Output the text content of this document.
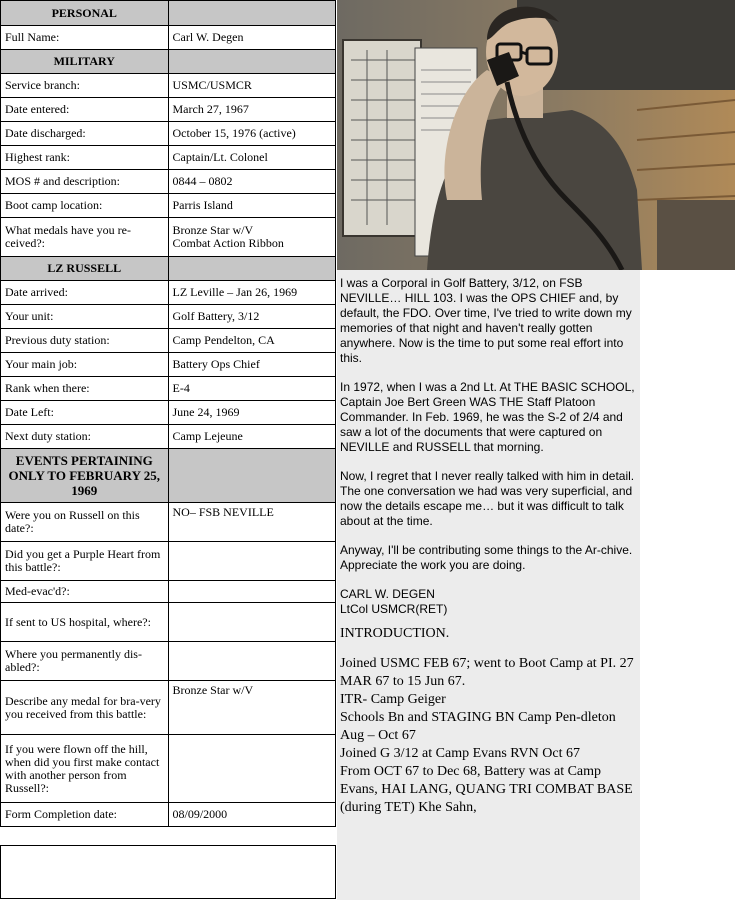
PERSONAL	
Full Name:	Carl W. Degen
MILITARY	
Service branch:	USMC/USMCR
Date entered:	March 27, 1967
Date discharged:	October 15, 1976 (active)
Highest rank:	Captain/Lt. Colonel
MOS # and description:	0844 – 0802
Boot camp location:	Parris Island
What medals have you re-ceived?:	Bronze Star w/V
Combat Action Ribbon
LZ RUSSELL	
Date arrived:	LZ Leville – Jan 26, 1969
Your unit:	Golf Battery, 3/12
Previous duty station:	Camp Pendelton, CA
Your main job:	Battery Ops Chief
Rank when there:	E-4
Date Left:	June 24, 1969
Next duty station:	Camp Lejeune
EVENTS PERTAINING ONLY TO FEBRUARY 25, 1969	
Were you on Russell on this date?:	NO– FSB NEVILLE
Did you get a Purple Heart from this battle?:	
Med-evac'd?:	
If sent to US hospital, where?:	
Where you permanently dis-abled?:	
Describe any medal for bra-very you received from this battle:	Bronze Star w/V
If you were flown off the hill, when did you first make contact with another person from Russell?:	
Form Completion date:	08/09/2000

I was a Corporal in Golf Battery, 3/12, on FSB NEVILLE… HILL 103. I was the OPS CHIEF and, by default, the FDO. Over time, I've tried to write down my memories of that night and haven't really gotten anywhere. Now is the time to put some real effort into this.

In 1972, when I was a 2nd Lt. At THE BASIC SCHOOL, Captain Joe Bert Green WAS THE Staff Platoon Commander. In Feb. 1969, he was the S-2 of 2/4 and saw a lot of the documents that were captured on NEVILLE and RUSSELL that morning.

Now, I regret that I never really talked with him in detail. The one conversation we had was very superficial, and now the details escape me… but it was difficult to talk about at the time.

Anyway, I'll be contributing some things to the Ar-chive.
Appreciate the work you are doing.

CARL W. DEGEN
LtCol USMCR(RET)

INTRODUCTION.

Joined USMC FEB 67; went to Boot Camp at PI. 27 MAR 67 to 15 Jun 67.
ITR- Camp Geiger
Schools Bn and STAGING BN Camp Pen-dleton Aug – Oct 67
Joined G 3/12 at Camp Evans RVN Oct 67
From OCT 67 to Dec 68, Battery was at Camp Evans, HAI LANG, QUANG TRI COMBAT BASE (during TET) Khe Sahn,
